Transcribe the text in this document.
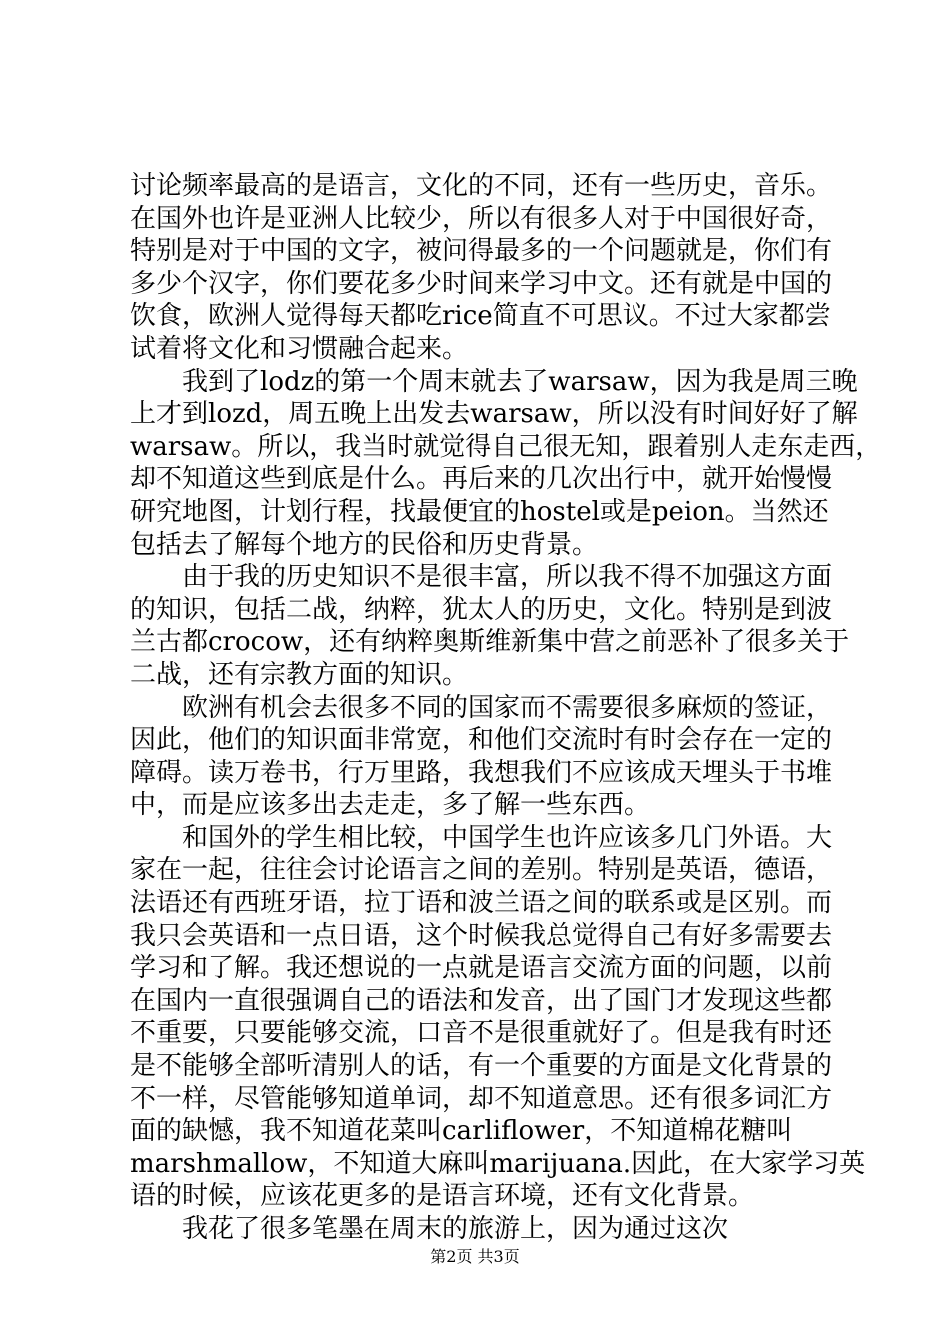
讨论频率最高的是语言，文化的不同，还有一些历史，音乐。
在国外也许是亚洲人比较少，所以有很多人对于中国很好奇，
特别是对于中国的文字，被问得最多的一个问题就是，你们有
多少个汉字，你们要花多少时间来学习中文。还有就是中国的
饮食，欧洲人觉得每天都吃rice简直不可思议。不过大家都尝
试着将文化和习惯融合起来。
我到了lodz的第一个周末就去了warsaw，因为我是周三晚
上才到lozd，周五晚上出发去warsaw，所以没有时间好好了解
warsaw。所以，我当时就觉得自己很无知，跟着别人走东走西，
却不知道这些到底是什么。再后来的几次出行中，就开始慢慢
研究地图，计划行程，找最便宜的hostel或是peion。当然还
包括去了解每个地方的民俗和历史背景。
由于我的历史知识不是很丰富，所以我不得不加强这方面
的知识，包括二战，纳粹，犹太人的历史，文化。特别是到波
兰古都crocow，还有纳粹奥斯维新集中营之前恶补了很多关于
二战，还有宗教方面的知识。
欧洲有机会去很多不同的国家而不需要很多麻烦的签证，
因此，他们的知识面非常宽，和他们交流时有时会存在一定的
障碍。读万卷书，行万里路，我想我们不应该成天埋头于书堆
中，而是应该多出去走走，多了解一些东西。
和国外的学生相比较，中国学生也许应该多几门外语。大
家在一起，往往会讨论语言之间的差别。特别是英语，德语，
法语还有西班牙语，拉丁语和波兰语之间的联系或是区别。而
我只会英语和一点日语，这个时候我总觉得自己有好多需要去
学习和了解。我还想说的一点就是语言交流方面的问题，以前
在国内一直很强调自己的语法和发音，出了国门才发现这些都
不重要，只要能够交流，口音不是很重就好了。但是我有时还
是不能够全部听清别人的话，有一个重要的方面是文化背景的
不一样，尽管能够知道单词，却不知道意思。还有很多词汇方
面的缺憾，我不知道花菜叫carliflower，不知道棉花糖叫
marshmallow，不知道大麻叫marijuana.因此，在大家学习英
语的时候，应该花更多的是语言环境，还有文化背景。
我花了很多笔墨在周末的旅游上，因为通过这次
第2页 共3页
